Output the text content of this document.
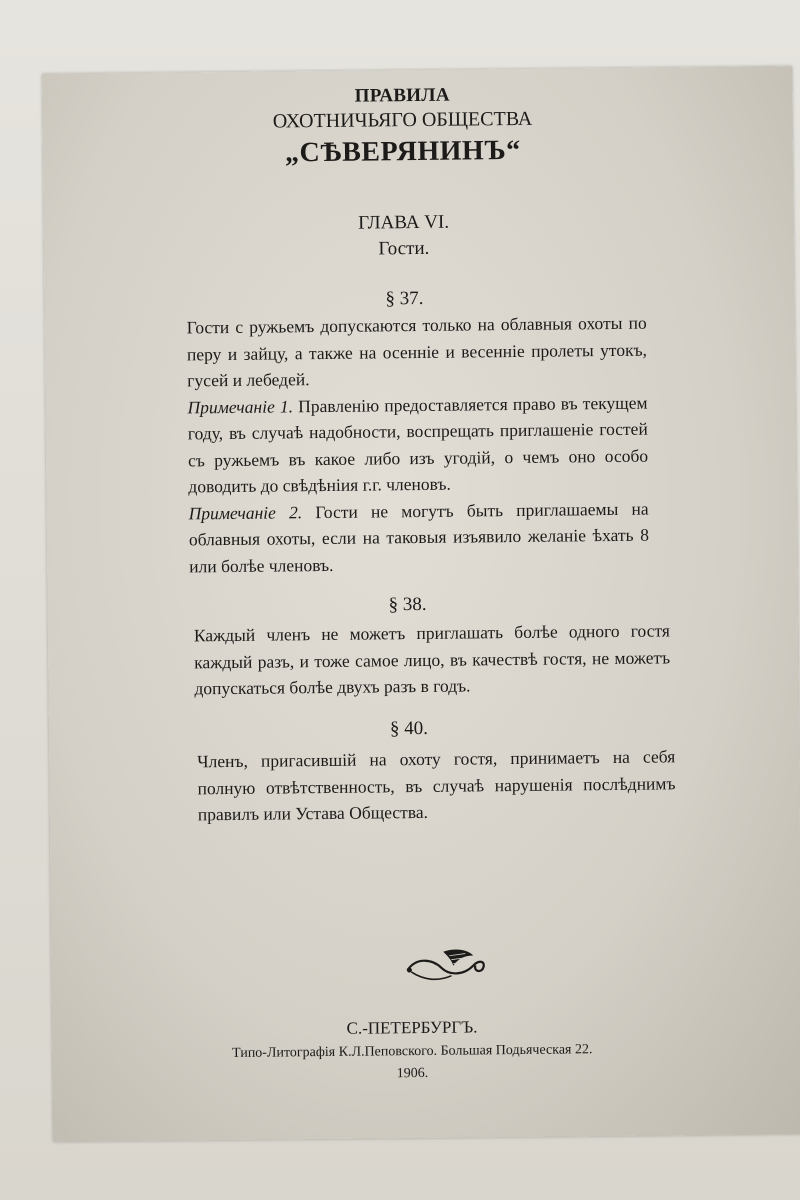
ПРАВИЛА
ОХОТНИЧЬЯГО ОБЩЕСТВА
„СѢВЕРЯНИНЪ“
ГЛАВА VI.
Гости.
§ 37.
Гости с ружьемъ допускаются только на облавныя охоты по перу и зайцу, а также на осеннiе и весеннiе пролеты утокъ, гусей и лебедей.
Примечанiе 1. Правленiю предоставляется право въ текущем году, въ случаѣ надобности, воспрещать приглашенiе гостей съ ружьемъ въ какое либо изъ угодiй, о чемъ оно особо доводить до свѣдѣнiия г.г. членовъ.
Примечанiе 2. Гости не могутъ быть приглашаемы на облавныя охоты, если на таковыя изъявило желанiе ѣхать 8 или болѣе членовъ.
§ 38.
Каждый членъ не можетъ приглашать болѣе одного гостя каждый разъ, и тоже самое лицо, въ качествѣ гостя, не можетъ допускаться болѣе двухъ разъ в годъ.
§ 40.
Членъ, пригасившiй на охоту гостя, принимаетъ на себя полную отвѣтственность, въ случаѣ нарушенiя послѣднимъ правилъ или Устава Общества.
С.-ПЕТЕРБУРГЪ.
Типо-Литографiя К.Л.Пеповского. Большая Подьяческая 22.
1906.
